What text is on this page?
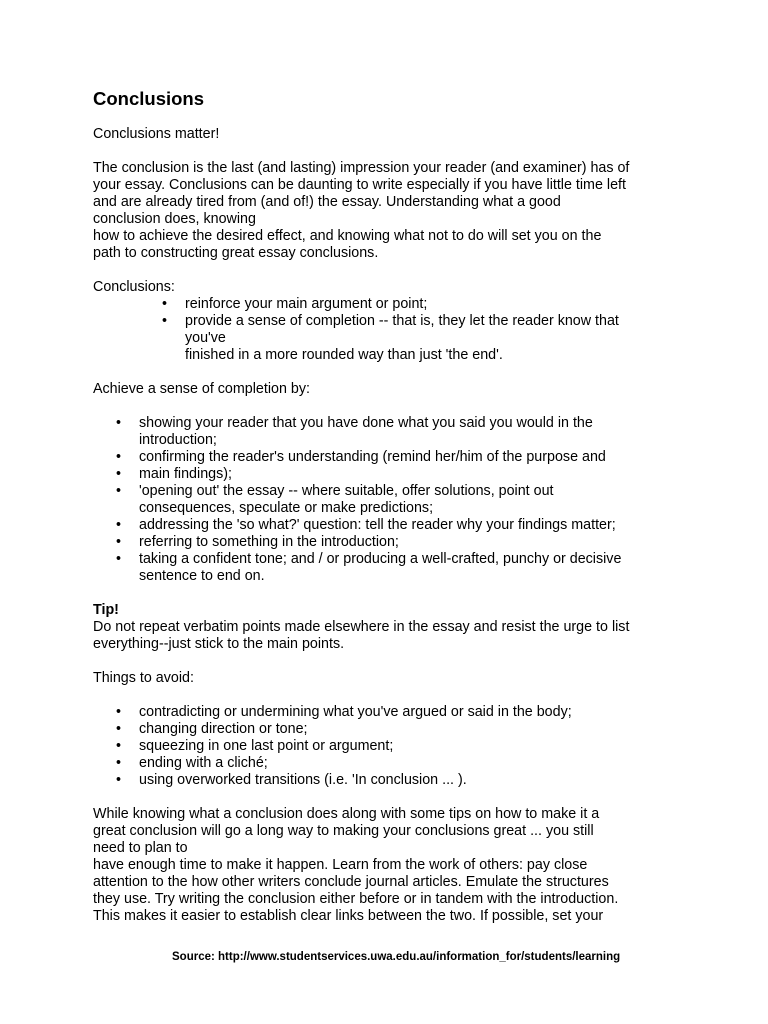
Conclusions

Conclusions matter!

The conclusion is the last (and lasting) impression your reader (and examiner) has of
your essay. Conclusions can be daunting to write especially if you have little time left
and are already tired from (and of!) the essay. Understanding what a good
conclusion does, knowing
how to achieve the desired effect, and knowing what not to do will set you on the
path to constructing great essay conclusions.

Conclusions:

• reinforce your main argument or point;
• provide a sense of completion -- that is, they let the reader know that
you've
finished in a more rounded way than just 'the end'.

Achieve a sense of completion by:

• showing your reader that you have done what you said you would in the
introduction;
• confirming the reader's understanding (remind her/him of the purpose and
• main findings);
• 'opening out' the essay -- where suitable, offer solutions, point out
consequences, speculate or make predictions;
• addressing the 'so what?' question: tell the reader why your findings matter;
• referring to something in the introduction;
• taking a confident tone; and / or producing a well-crafted, punchy or decisive
sentence to end on.

Tip!

Do not repeat verbatim points made elsewhere in the essay and resist the urge to list
everything--just stick to the main points.

Things to avoid:

• contradicting or undermining what you've argued or said in the body;
• changing direction or tone;
• squeezing in one last point or argument;
• ending with a cliché;
• using overworked transitions (i.e. 'In conclusion ... ).

While knowing what a conclusion does along with some tips on how to make it a
great conclusion will go a long way to making your conclusions great ... you still
need to plan to
have enough time to make it happen. Learn from the work of others: pay close
attention to the how other writers conclude journal articles. Emulate the structures
they use. Try writing the conclusion either before or in tandem with the introduction.
This makes it easier to establish clear links between the two. If possible, set your

Source: http://www.studentservices.uwa.edu.au/information_for/students/learning
